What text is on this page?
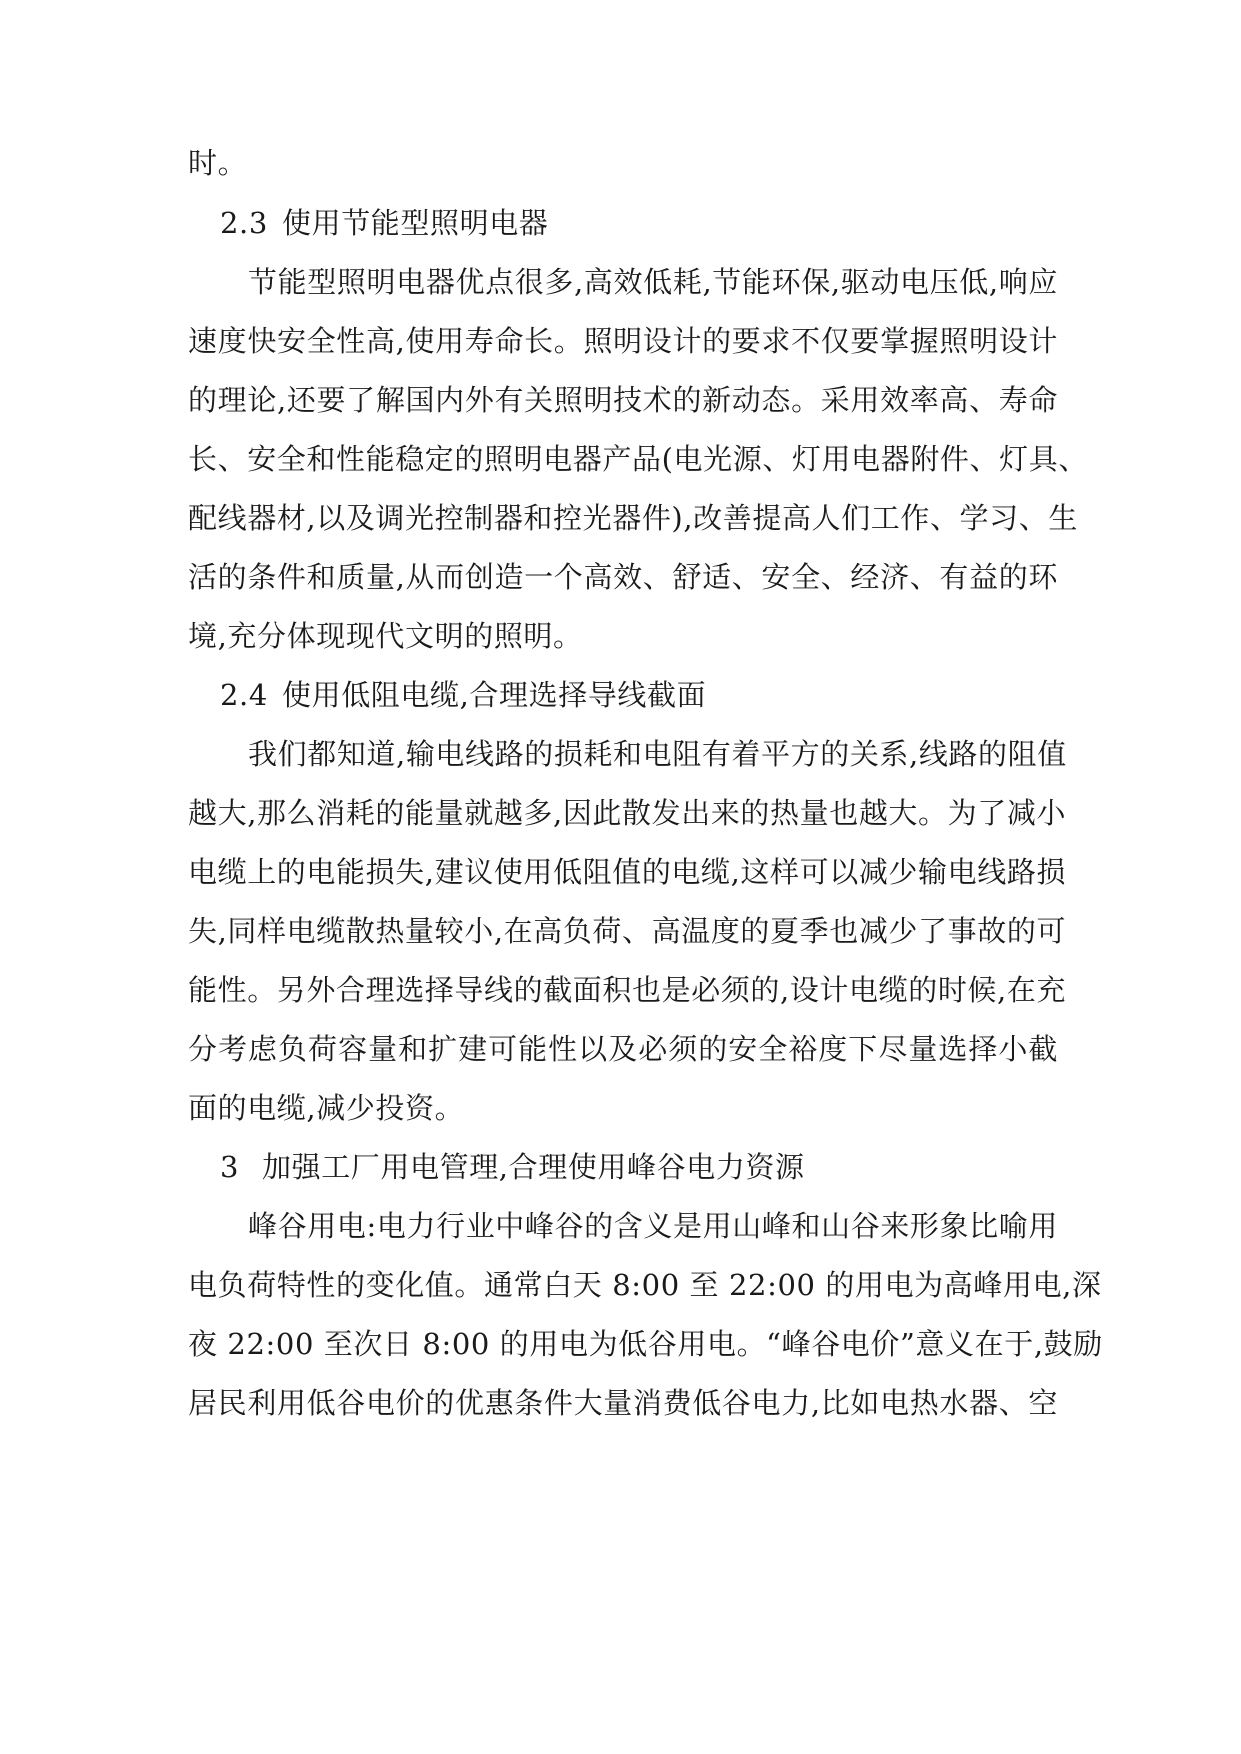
时。
2.3 使用节能型照明电器
节能型照明电器优点很多,高效低耗,节能环保,驱动电压低,响应
速度快安全性高,使用寿命长。照明设计的要求不仅要掌握照明设计
的理论,还要了解国内外有关照明技术的新动态。采用效率高、寿命
长、安全和性能稳定的照明电器产品(电光源、灯用电器附件、灯具、
配线器材,以及调光控制器和控光器件),改善提高人们工作、学习、生
活的条件和质量,从而创造一个高效、舒适、安全、经济、有益的环
境,充分体现现代文明的照明。
2.4 使用低阻电缆,合理选择导线截面
我们都知道,输电线路的损耗和电阻有着平方的关系,线路的阻值
越大,那么消耗的能量就越多,因此散发出来的热量也越大。为了减小
电缆上的电能损失,建议使用低阻值的电缆,这样可以减少输电线路损
失,同样电缆散热量较小,在高负荷、高温度的夏季也减少了事故的可
能性。另外合理选择导线的截面积也是必须的,设计电缆的时候,在充
分考虑负荷容量和扩建可能性以及必须的安全裕度下尽量选择小截
面的电缆,减少投资。
3 加强工厂用电管理,合理使用峰谷电力资源
峰谷用电:电力行业中峰谷的含义是用山峰和山谷来形象比喻用
电负荷特性的变化值。通常白天 8:00 至 22:00 的用电为高峰用电,深
夜 22:00 至次日 8:00 的用电为低谷用电。“峰谷电价”意义在于,鼓励
居民利用低谷电价的优惠条件大量消费低谷电力,比如电热水器、空
